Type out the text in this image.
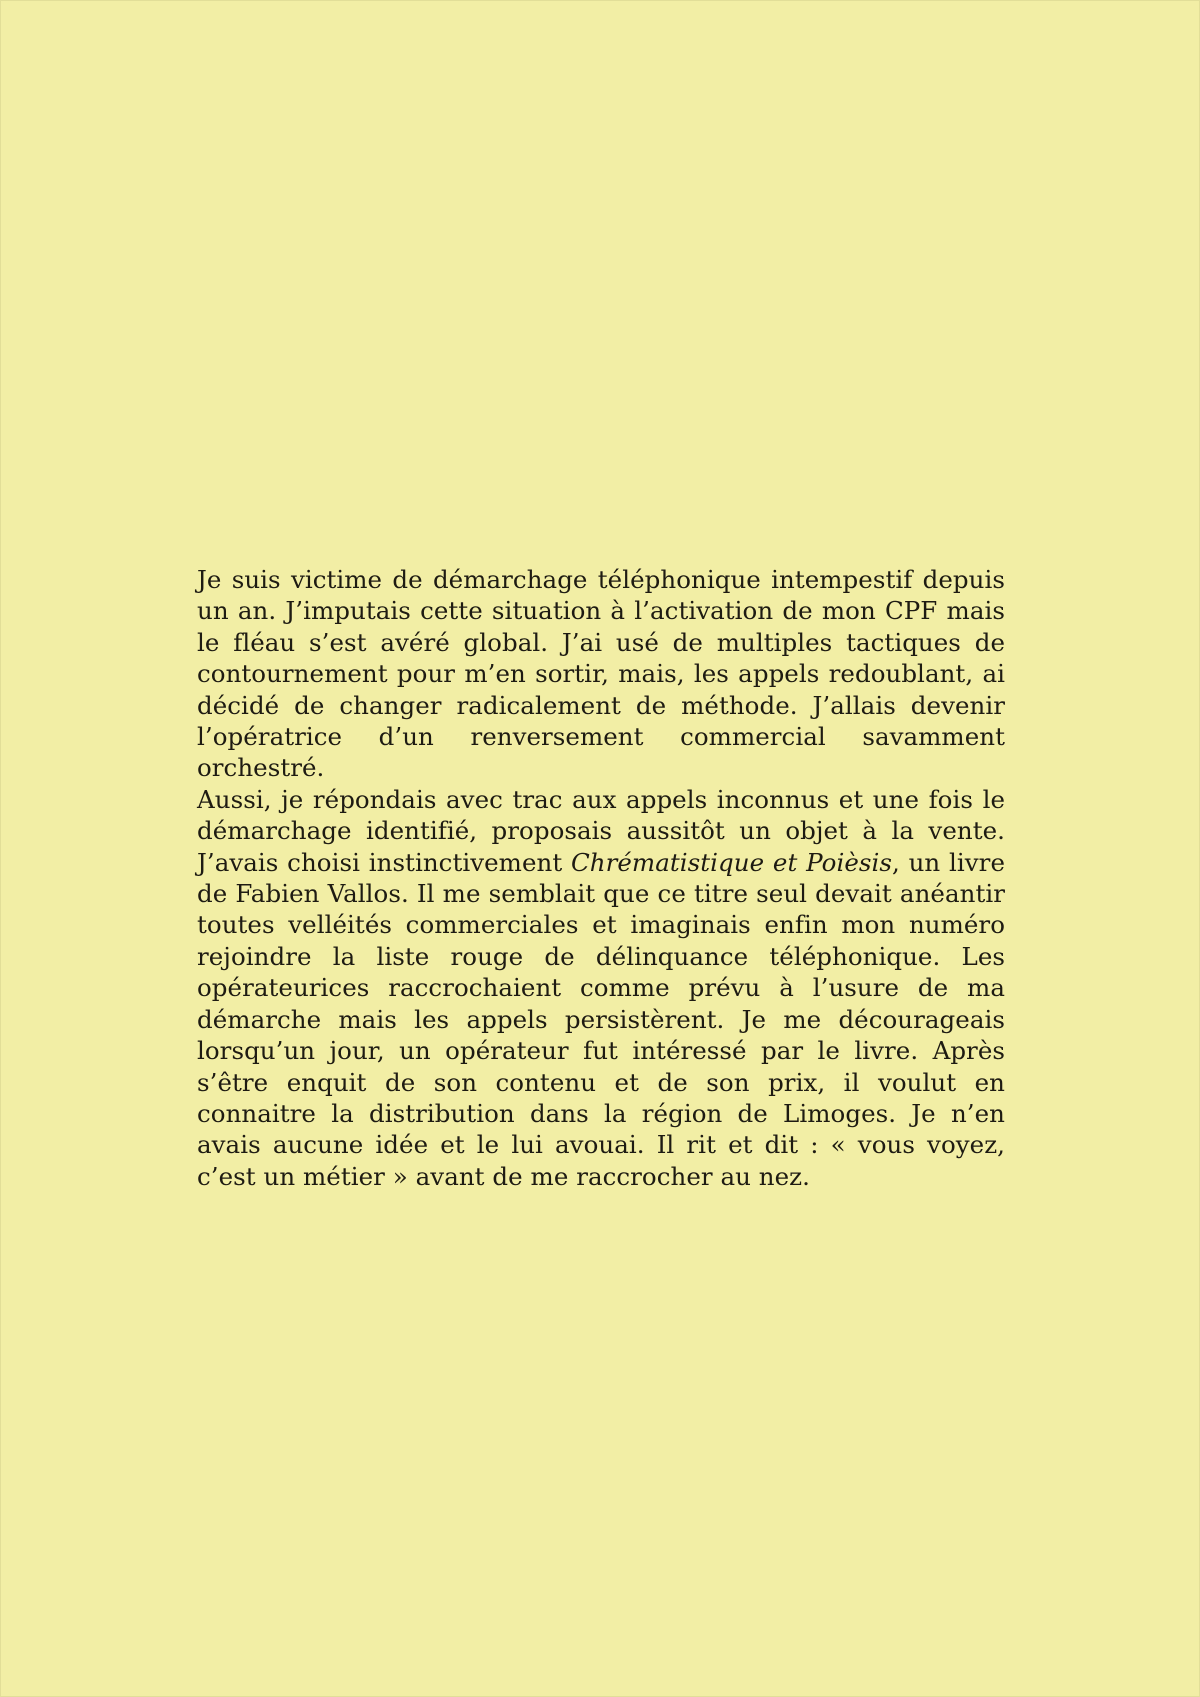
Je suis victime de démarchage téléphonique intempestif depuis un an. J’imputais cette situation à l’activation de mon CPF mais le fléau s’est avéré global. J’ai usé de multiples tactiques de contournement pour m’en sortir, mais, les appels redoublant, ai décidé de changer radicalement de méthode. J’allais devenir l’opératrice d’un renversement commercial savamment orchestré.

Aussi, je répondais avec trac aux appels inconnus et une fois le démarchage identifié, proposais aussitôt un objet à la vente. J’avais choisi instinctivement Chrématistique et Poièsis, un livre de Fabien Vallos. Il me semblait que ce titre seul devait anéantir toutes velléités commerciales et imaginais enfin mon numéro rejoindre la liste rouge de délinquance téléphonique. Les opérateurices raccrochaient comme prévu à l’usure de ma démarche mais les appels persistèrent. Je me décourageais lorsqu’un jour, un opérateur fut intéressé par le livre. Après s’être enquit de son contenu et de son prix, il voulut en connaitre la distribution dans la région de Limoges. Je n’en avais aucune idée et le lui avouai. Il rit et dit : « vous voyez, c’est un métier » avant de me raccrocher au nez.
